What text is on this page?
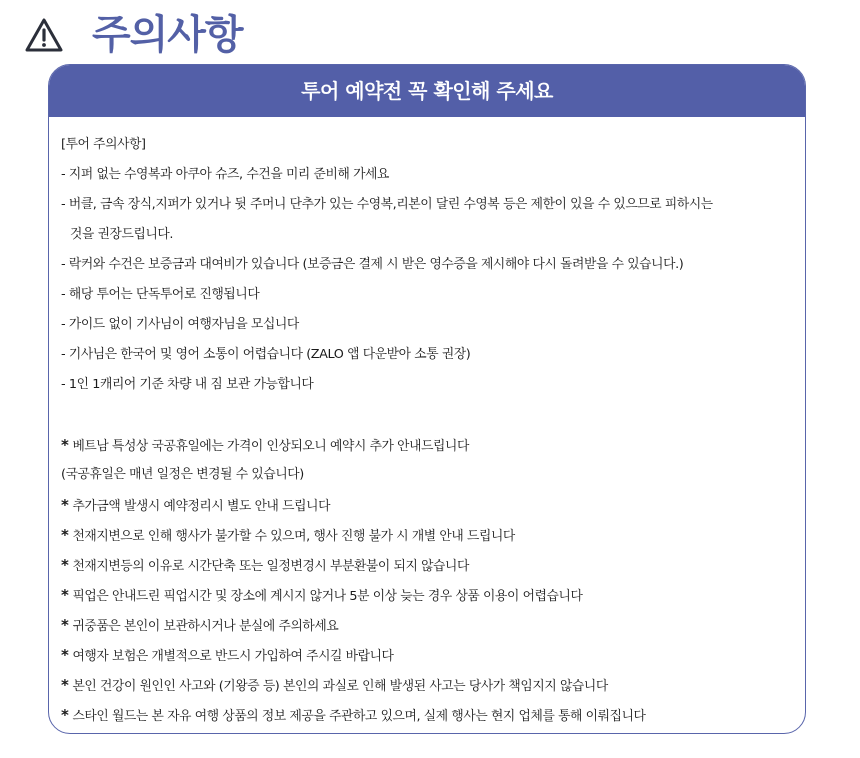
주의사항
투어 예약전 꼭 확인해 주세요
[투어 주의사항]
- 지퍼 없는 수영복과 아쿠아 슈즈, 수건을 미리 준비해 가세요
- 버클, 금속 장식,지퍼가 있거나 뒷 주머니 단추가 있는 수영복,리본이 달린 수영복 등은 제한이 있을 수 있으므로 피하시는
것을 권장드립니다.
- 락커와 수건은 보증금과 대여비가 있습니다 (보증금은 결제 시 받은 영수증을 제시해야 다시 돌려받을 수 있습니다.)
- 해당 투어는 단독투어로 진행됩니다
- 가이드 없이 기사님이 여행자님을 모십니다
- 기사님은 한국어 및 영어 소통이 어렵습니다 (ZALO 앱 다운받아 소통 권장)
- 1인 1캐리어 기준 차량 내 짐 보관 가능합니다
* 베트남 특성상 국공휴일에는 가격이 인상되오니 예약시 추가 안내드립니다
(국공휴일은 매년 일정은 변경될 수 있습니다)
* 추가금액 발생시 예약정리시 별도 안내 드립니다
* 천재지변으로 인해 행사가 불가할 수 있으며, 행사 진행 불가 시 개별 안내 드립니다
* 천재지변등의 이유로 시간단축 또는 일정변경시 부분환불이 되지 않습니다
* 픽업은 안내드린 픽업시간 및 장소에 계시지 않거나 5분 이상 늦는 경우 상품 이용이 어렵습니다
* 귀중품은 본인이 보관하시거나 분실에 주의하세요
* 여행자 보험은 개별적으로 반드시 가입하여 주시길 바랍니다
* 본인 건강이 원인인 사고와 (기왕증 등) 본인의 과실로 인해 발생된 사고는 당사가 책임지지 않습니다
* 스타인 월드는 본 자유 여행 상품의 정보 제공을 주관하고 있으며, 실제 행사는 현지 업체를 통해 이뤄집니다
